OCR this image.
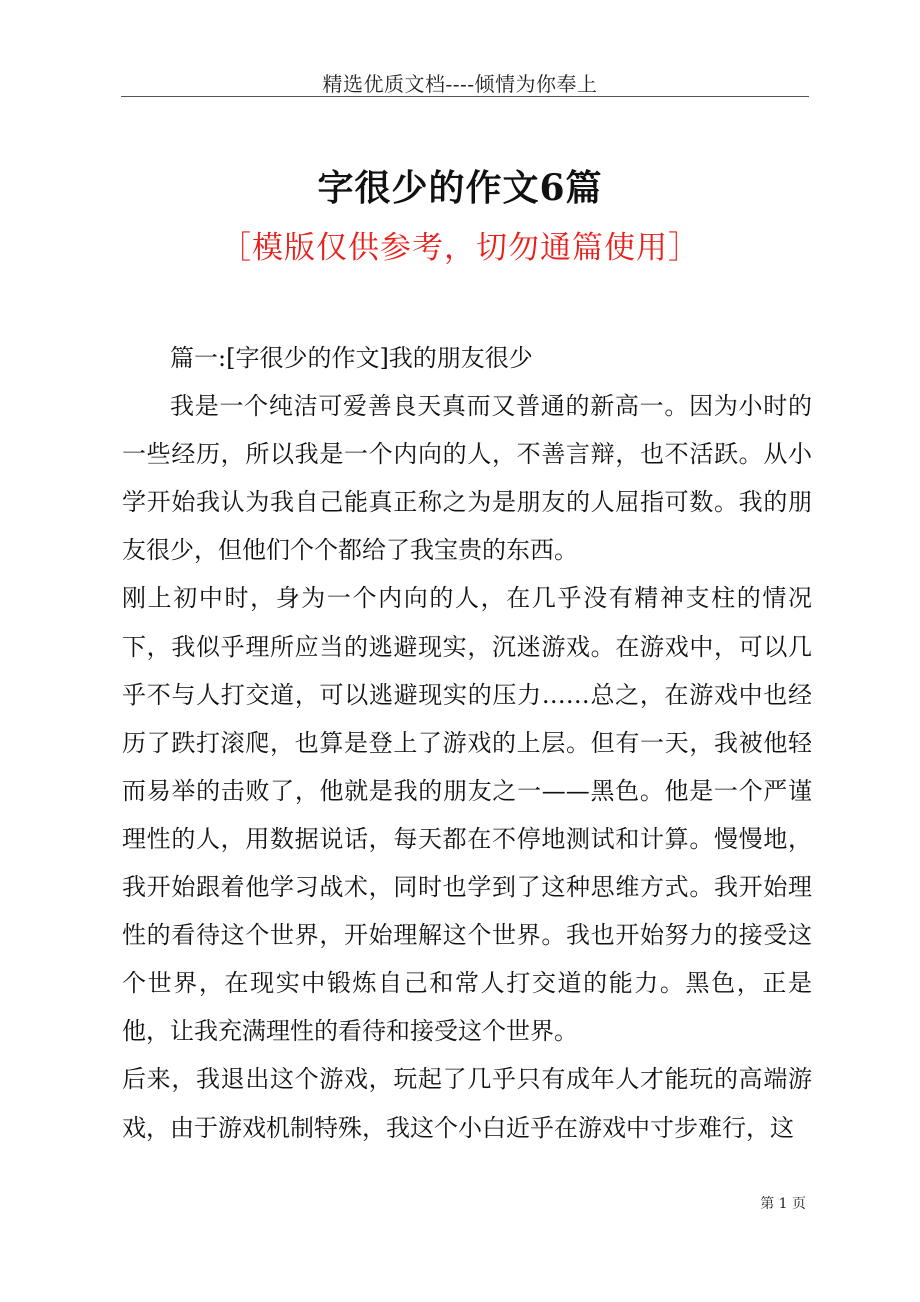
精选优质文档----倾情为你奉上
字很少的作文6篇
［模版仅供参考，切勿通篇使用］

篇一:[字很少的作文]我的朋友很少

我是一个纯洁可爱善良天真而又普通的新高一。因为小时的一些经历，所以我是一个内向的人，不善言辩，也不活跃。从小学开始我认为我自己能真正称之为是朋友的人屈指可数。我的朋友很少，但他们个个都给了我宝贵的东西。

刚上初中时，身为一个内向的人，在几乎没有精神支柱的情况下，我似乎理所应当的逃避现实，沉迷游戏。在游戏中，可以几乎不与人打交道，可以逃避现实的压力……总之，在游戏中也经历了跌打滚爬，也算是登上了游戏的上层。但有一天，我被他轻而易举的击败了，他就是我的朋友之一——黑色。他是一个严谨理性的人，用数据说话，每天都在不停地测试和计算。慢慢地，我开始跟着他学习战术，同时也学到了这种思维方式。我开始理性的看待这个世界，开始理解这个世界。我也开始努力的接受这个世界，在现实中锻炼自己和常人打交道的能力。黑色，正是他，让我充满理性的看待和接受这个世界。

后来，我退出这个游戏，玩起了几乎只有成年人才能玩的高端游戏，由于游戏机制特殊，我这个小白近乎在游戏中寸步难行，这

第 1 页
